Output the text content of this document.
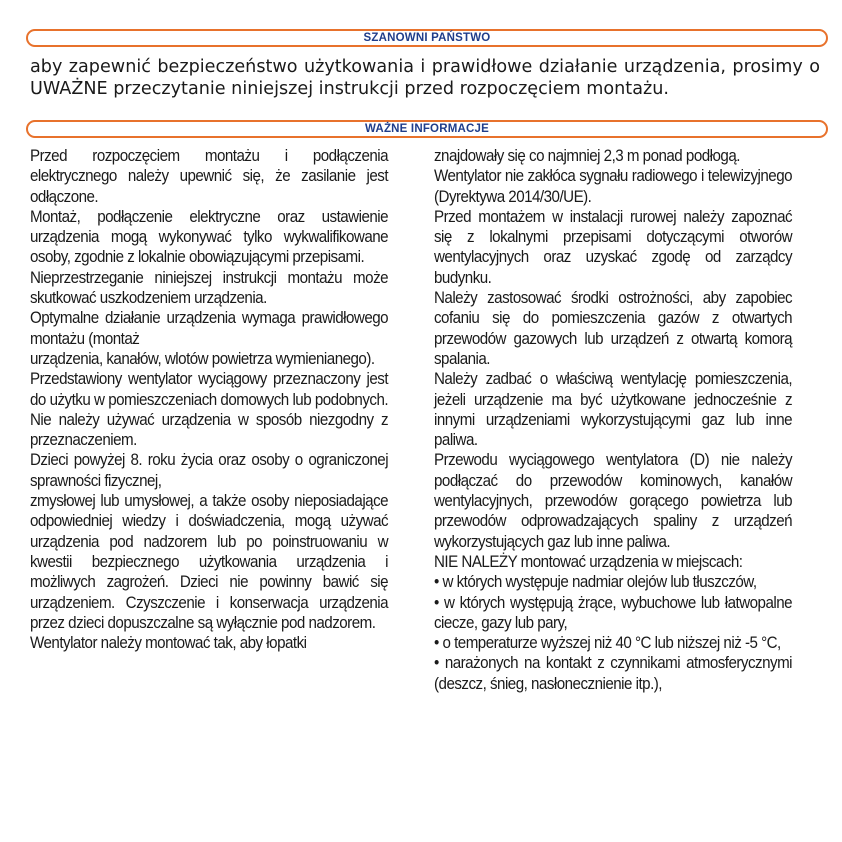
SZANOWNI PAŃSTWO
aby zapewnić bezpieczeństwo użytkowania i prawidłowe działanie urządzenia, prosimy o UWAŻNE przeczytanie niniejszej instrukcji przed rozpoczęciem montażu.
WAŻNE INFORMACJE

Przed rozpoczęciem montażu i podłączenia elektrycznego należy upewnić się, że zasilanie jest odłączone.

Montaż, podłączenie elektryczne oraz ustawienie urządzenia mogą wykonywać tylko wykwalifikowane osoby, zgodnie z lokalnie obowiązującymi przepisami.

Nieprzestrzeganie niniejszej instrukcji montażu może skutkować uszkodzeniem urządzenia.

Optymalne działanie urządzenia wymaga prawidłowego montażu (montaż

urządzenia, kanałów, wlotów powietrza wymienianego).

Przedstawiony wentylator wyciągowy przeznaczony jest do użytku w pomieszczeniach domowych lub podobnych. Nie należy używać urządzenia w sposób niezgodny z przeznaczeniem.

Dzieci powyżej 8. roku życia oraz osoby o ograniczonej sprawności fizycznej,

zmysłowej lub umysłowej, a także osoby nieposiadające odpowiedniej wiedzy i doświadczenia, mogą używać urządzenia pod nadzorem lub po poinstruowaniu w kwestii bezpiecznego użytkowania urządzenia i możliwych zagrożeń. Dzieci nie powinny bawić się urządzeniem. Czyszczenie i konserwacja urządzenia przez dzieci dopuszczalne są wyłącznie pod nadzorem.

Wentylator należy montować tak, aby łopatki

znajdowały się co najmniej 2,3 m ponad podłogą.

Wentylator nie zakłóca sygnału radiowego i telewizyjnego (Dyrektywa 2014/30/UE).

Przed montażem w instalacji rurowej należy zapoznać się z lokalnymi przepisami dotyczącymi otworów wentylacyjnych oraz uzyskać zgodę od zarządcy budynku.

Należy zastosować środki ostrożności, aby zapobiec cofaniu się do pomieszczenia gazów z otwartych przewodów gazowych lub urządzeń z otwartą komorą spalania.

Należy zadbać o właściwą wentylację pomieszczenia, jeżeli urządzenie ma być użytkowane jednocześnie z innymi urządzeniami wykorzystującymi gaz lub inne paliwa.

Przewodu wyciągowego wentylatora (D) nie należy podłączać do przewodów kominowych, kanałów wentylacyjnych, przewodów gorącego powietrza lub przewodów odprowadzających spaliny z urządzeń wykorzystujących gaz lub inne paliwa.

NIE NALEŻY montować urządzenia w miejscach:

• w których występuje nadmiar olejów lub tłuszczów,

• w których występują żrące, wybuchowe lub łatwopalne ciecze, gazy lub pary,

• o temperaturze wyższej niż 40 °C lub niższej niż -5 °C,

• narażonych na kontakt z czynnikami atmosferycznymi (deszcz, śnieg, nasłonecznienie itp.),
